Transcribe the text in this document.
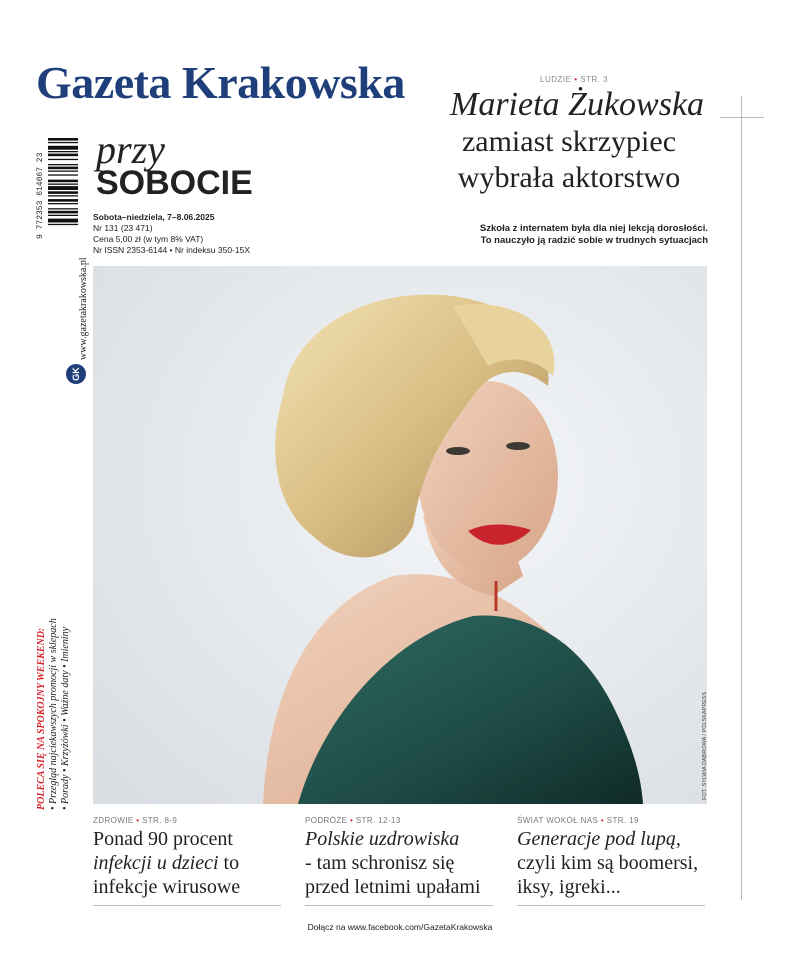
Gazeta Krakowska
przy
SOBOCIE
Sobota–niedziela, 7–8.06.2025
Nr 131 (23 471)
Cena 5,00 zł (w tym 8% VAT)
Nr ISSN 2353-6144 • Nr indeksu 350-15X
9 772353 614067 23
www.gazetakrakowska.pl
GK
POLECA SIĘ NA SPOKOJNY WEEKEND:
• Przegląd najciekawszych promocji w sklepach
• Porady • Krzyżówki • Ważne daty • Imieniny
LUDZIE • STR. 3
Marieta Żukowska
zamiast skrzypiec
wybrała aktorstwo
Szkoła z internatem była dla niej lekcją dorosłości.
To nauczyło ją radzić sobie w trudnych sytuacjach
FOT. SYLWIA DĄBROWA / POLSKAPRESS
ZDROWIE • STR. 8-9
Ponad 90 procent
infekcji u dzieci to
infekcje wirusowe
PODRÓŻE • STR. 12-13
Polskie uzdrowiska
- tam schronisz się
przed letnimi upałami
ŚWIAT WOKÓŁ NAS • STR. 19
Generacje pod lupą,
czyli kim są boomersi,
iksy, igreki...
Dołącz na www.facebook.com/GazetaKrakowska
